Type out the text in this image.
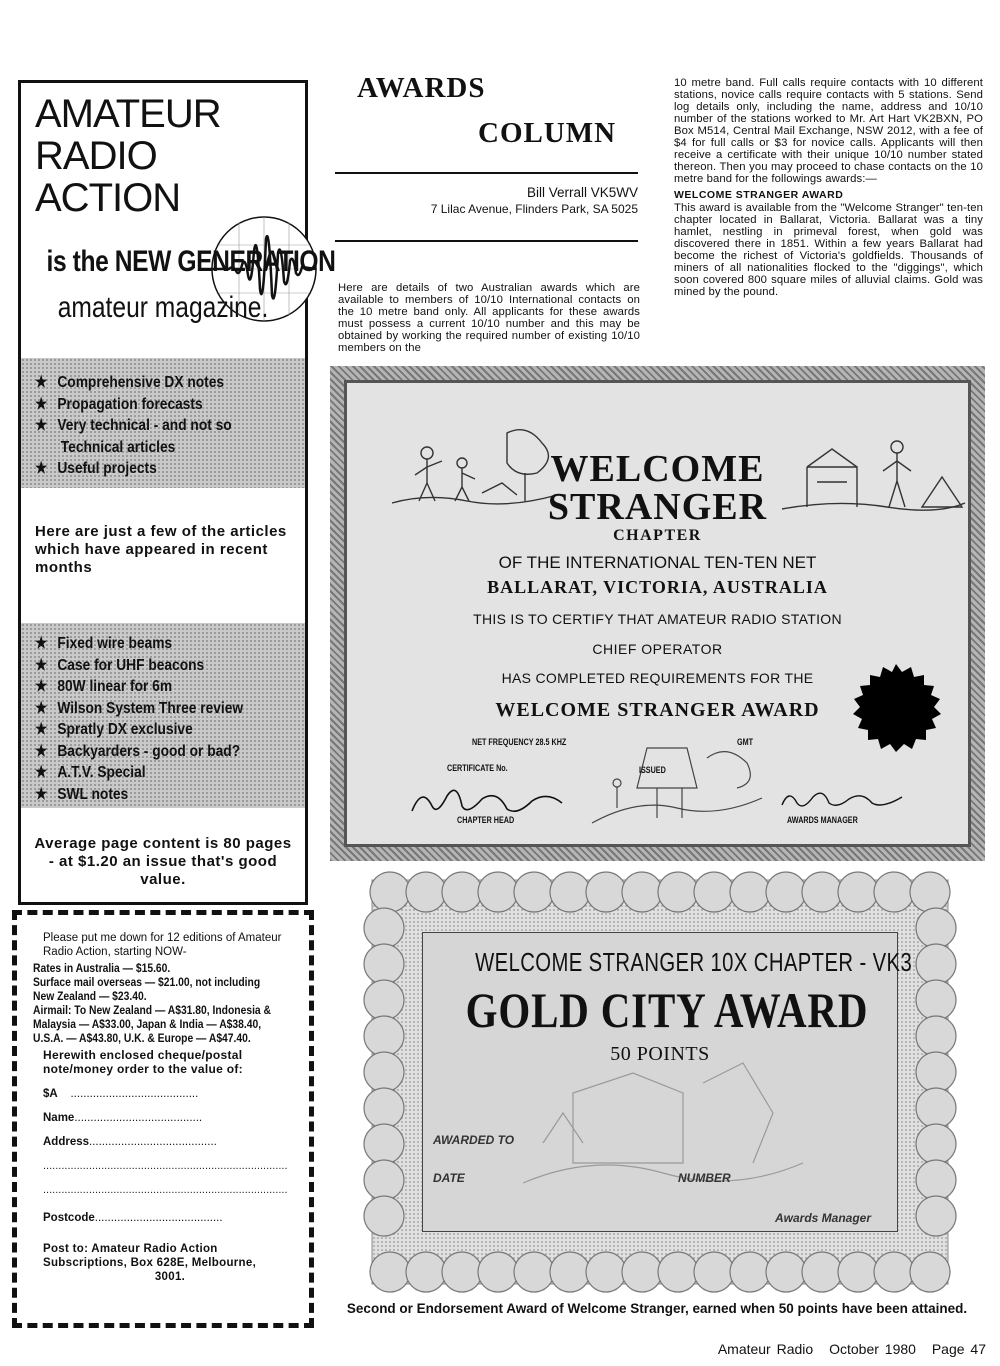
AMATEUR
RADIO
ACTION
is the NEW GENERATION
amateur magazine.
★ Comprehensive DX notes
★ Propagation forecasts
★ Very technical - and not so
Technical articles
★ Useful projects
Here are just a few of the articles which have appeared in recent months
★ Fixed wire beams
★ Case for UHF beacons
★ 80W linear for 6m
★ Wilson System Three review
★ Spratly DX exclusive
★ Backyarders - good or bad?
★ A.T.V. Special
★ SWL notes
Average page content is 80 pages - at $1.20 an issue that's good value.
Please put me down for 12 editions of Amateur Radio Action, starting NOW-
Rates in Australia — $15.60.
Surface mail overseas — $21.00, not including
New Zealand — $23.40.
Airmail: To New Zealand — A$31.80, Indonesia &
Malaysia — A$33.00, Japan & India — A$38.40,
U.S.A. — A$43.80, U.K. & Europe — A$47.40.
Herewith enclosed cheque/postal note/money order to the value of:
$A ........................................
Name........................................
Address........................................
................................................................................
................................................................................
Postcode........................................
Post to: Amateur Radio Action Subscriptions, Box 628E, Melbourne,
3001.
AWARDS
COLUMN
Bill Verrall VK5WV
7 Lilac Avenue, Flinders Park, SA 5025
Here are details of two Australian awards which are available to members of 10/10 International contacts on the 10 metre band only. All applicants for these awards must possess a current 10/10 number and this may be obtained by working the required number of existing 10/10 members on the
10 metre band. Full calls require contacts with 10 different stations, novice calls require contacts with 5 stations. Send log details only, including the name, address and 10/10 number of the stations worked to Mr. Art Hart VK2BXN, PO Box M514, Central Mail Exchange, NSW 2012, with a fee of $4 for full calls or $3 for novice calls. Applicants will then receive a certificate with their unique 10/10 number stated thereon. Then you may proceed to chase contacts on the 10 metre band for the followings awards:—
WELCOME STRANGER AWARD
This award is available from the "Welcome Stranger" ten-ten chapter located in Ballarat, Victoria. Ballarat was a tiny hamlet, nestling in primeval forest, when gold was discovered there in 1851. Within a few years Ballarat had become the richest of Victoria's goldfields. Thousands of miners of all nationalities flocked to the "diggings", which soon covered 800 square miles of alluvial claims. Gold was mined by the pound.
WELCOME
STRANGER
CHAPTER
OF THE INTERNATIONAL TEN-TEN NET
BALLARAT, VICTORIA, AUSTRALIA
THIS IS TO CERTIFY THAT AMATEUR RADIO STATION
CHIEF OPERATOR
HAS COMPLETED REQUIREMENTS FOR THE
WELCOME STRANGER AWARD
NET FREQUENCY 28.5 KHZ	GMT
CERTIFICATE No.	ISSUED
CHAPTER HEAD	AWARDS MANAGER
WELCOME STRANGER 10X CHAPTER - VK3
GOLD CITY AWARD
50 POINTS
AWARDED TO
DATE	NUMBER
Awards Manager
Second or Endorsement Award of Welcome Stranger, earned when 50 points have been attained.
Amateur Radio October 1980 Page 47
